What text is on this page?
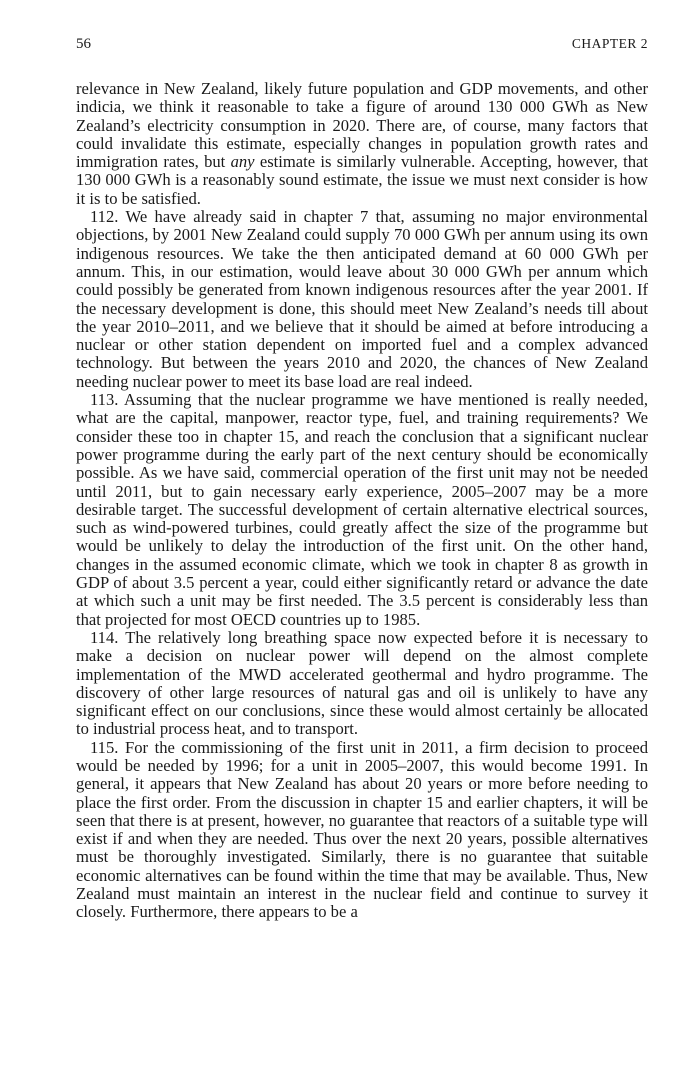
56	CHAPTER 2

relevance in New Zealand, likely future population and GDP movements, and other indicia, we think it reasonable to take a figure of around 130 000 GWh as New Zealand’s electricity consumption in 2020. There are, of course, many factors that could invalidate this estimate, especially changes in population growth rates and immigration rates, but any estimate is similarly vulnerable. Accepting, however, that 130 000 GWh is a reasonably sound estimate, the issue we must next consider is how it is to be satisfied.

112. We have already said in chapter 7 that, assuming no major environmental objections, by 2001 New Zealand could supply 70 000 GWh per annum using its own indigenous resources. We take the then anticipated demand at 60 000 GWh per annum. This, in our estimation, would leave about 30 000 GWh per annum which could possibly be generated from known indigenous resources after the year 2001. If the necessary development is done, this should meet New Zealand’s needs till about the year 2010–2011, and we believe that it should be aimed at before introducing a nuclear or other station dependent on imported fuel and a complex advanced technology. But between the years 2010 and 2020, the chances of New Zealand needing nuclear power to meet its base load are real indeed.

113. Assuming that the nuclear programme we have mentioned is really needed, what are the capital, manpower, reactor type, fuel, and training requirements? We consider these too in chapter 15, and reach the conclusion that a significant nuclear power programme during the early part of the next century should be economically possible. As we have said, commercial operation of the first unit may not be needed until 2011, but to gain necessary early experience, 2005–2007 may be a more desirable target. The successful development of certain alternative electrical sources, such as wind-powered turbines, could greatly affect the size of the programme but would be unlikely to delay the introduction of the first unit. On the other hand, changes in the assumed economic climate, which we took in chapter 8 as growth in GDP of about 3.5 percent a year, could either significantly retard or advance the date at which such a unit may be first needed. The 3.5 percent is considerably less than that projected for most OECD countries up to 1985.

114. The relatively long breathing space now expected before it is necessary to make a decision on nuclear power will depend on the almost complete implementation of the MWD accelerated geothermal and hydro programme. The discovery of other large resources of natural gas and oil is unlikely to have any significant effect on our conclusions, since these would almost certainly be allocated to industrial process heat, and to transport.

115. For the commissioning of the first unit in 2011, a firm decision to proceed would be needed by 1996; for a unit in 2005–2007, this would become 1991. In general, it appears that New Zealand has about 20 years or more before needing to place the first order. From the discussion in chapter 15 and earlier chapters, it will be seen that there is at present, however, no guarantee that reactors of a suitable type will exist if and when they are needed. Thus over the next 20 years, possible alternatives must be thoroughly investigated. Similarly, there is no guarantee that suitable economic alternatives can be found within the time that may be available. Thus, New Zealand must maintain an interest in the nuclear field and continue to survey it closely. Furthermore, there appears to be a
